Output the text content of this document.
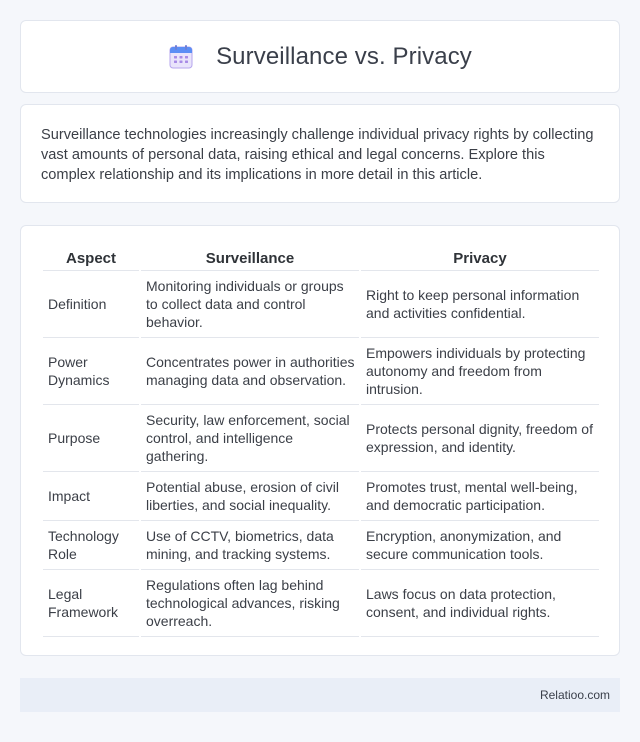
Surveillance vs. Privacy

Surveillance technologies increasingly challenge individual privacy rights by collecting vast amounts of personal data, raising ethical and legal concerns. Explore this complex relationship and its implications in more detail in this article.

Aspect		Surveillance		Privacy
Definition		Monitoring individuals or groups to collect data and control behavior.		Right to keep personal information and activities confidential.
Power Dynamics		Concentrates power in authorities managing data and observation.		Empowers individuals by protecting autonomy and freedom from intrusion.
Purpose		Security, law enforcement, social control, and intelligence gathering.		Protects personal dignity, freedom of expression, and identity.
Impact		Potential abuse, erosion of civil liberties, and social inequality.		Promotes trust, mental well-being, and democratic participation.
Technology Role		Use of CCTV, biometrics, data mining, and tracking systems.		Encryption, anonymization, and secure communication tools.
Legal Framework		Regulations often lag behind technological advances, risking overreach.		Laws focus on data protection, consent, and individual rights.
Relatioo.com
